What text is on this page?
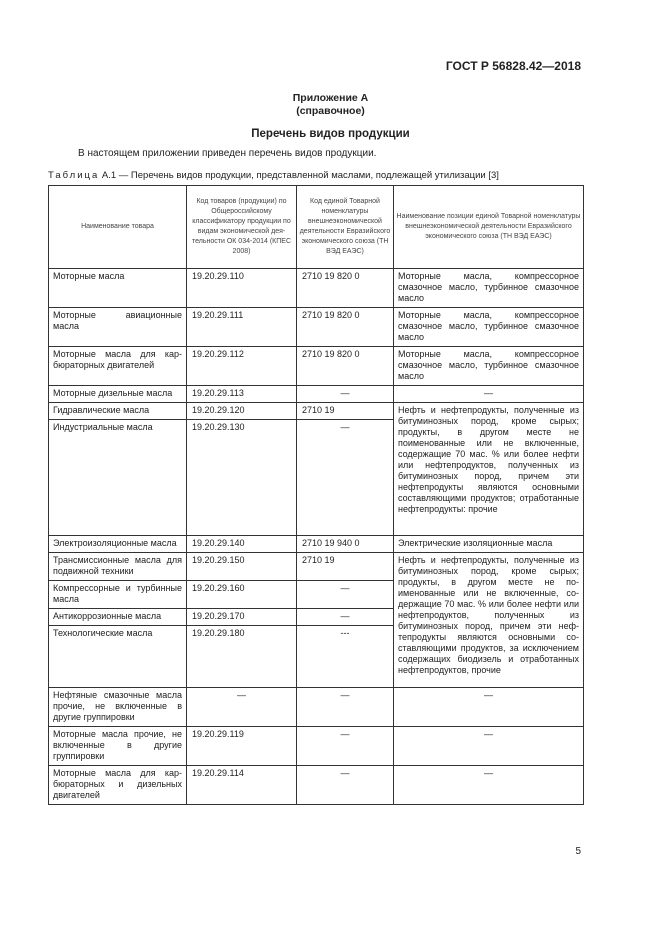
ГОСТ Р 56828.42—2018
Приложение А
(справочное)
Перечень видов продукции
В настоящем приложении приведен перечень видов продукции.
Таблица А.1 — Перечень видов продукции, представленной маслами, подлежащей утилизации [3]
Наименование товара	Код товаров (продукции) по Общероссийскому классификатору продукции по видам экономической деятельности ОК 034-2014 (КПЕС 2008)	Код единой Товарной номенклатуры внешнеэкономической деятельности Евразийского экономического союза (ТН ВЭД ЕАЭС)	Наименование позиции единой Товарной номенклатуры внешнеэкономической деятельности Евразийского экономического союза (ТН ВЭД ЕАЭС)
Моторные масла	19.20.29.110	2710 19 820 0	Моторные масла, компрессорное смазочное масло, турбинное смазочное масло
Моторные авиационные масла	19.20.29.111	2710 19 820 0	Моторные масла, компрессорное смазочное масло, турбинное смазочное масло
Моторные масла для карбюраторных двигателей	19.20.29.112	2710 19 820 0	Моторные масла, компрессорное смазочное масло, турбинное смазочное масло
Моторные дизельные масла	19.20.29.113	—	—
Гидравлические масла	19.20.29.120	2710 19	Нефть и нефтепродукты, полученные из битуминозных пород, кроме сырых; продукты, в другом месте не поименованные или не включенные, содержащие 70 мас. % или более нефти или нефтепродуктов, полученных из битуминозных пород, причем эти нефтепродукты являются основными составляющими продуктов; отработанные нефтепродукты: прочие
Индустриальные масла	19.20.29.130	—	
Электроизоляционные масла	19.20.29.140	2710 19 940 0	Электрические изоляционные масла
Трансмиссионные масла для подвижной техники	19.20.29.150	2710 19	Нефть и нефтепродукты, полученные из битуминозных пород, кроме сырых; продукты, в другом месте не поименованные или не включенные, содержащие 70 мас. % или более нефти или нефтепродуктов, полученных из битуминозных пород, причем эти нефтепродукты являются основными составляющими продуктов, за исключением содержащих биодизель и отработанных нефтепродуктов, прочие
Компрессорные и турбинные масла	19.20.29.160	—	
Антикоррозионные масла	19.20.29.170	—	
Технологические масла	19.20.29.180	---	
Нефтяные смазочные масла прочие, не включенные в другие группировки	—	—	—
Моторные масла прочие, не включенные в другие группировки	19.20.29.119	—	—
Моторные масла для карбюраторных и дизельных двигателей	19.20.29.114	—	—
5
